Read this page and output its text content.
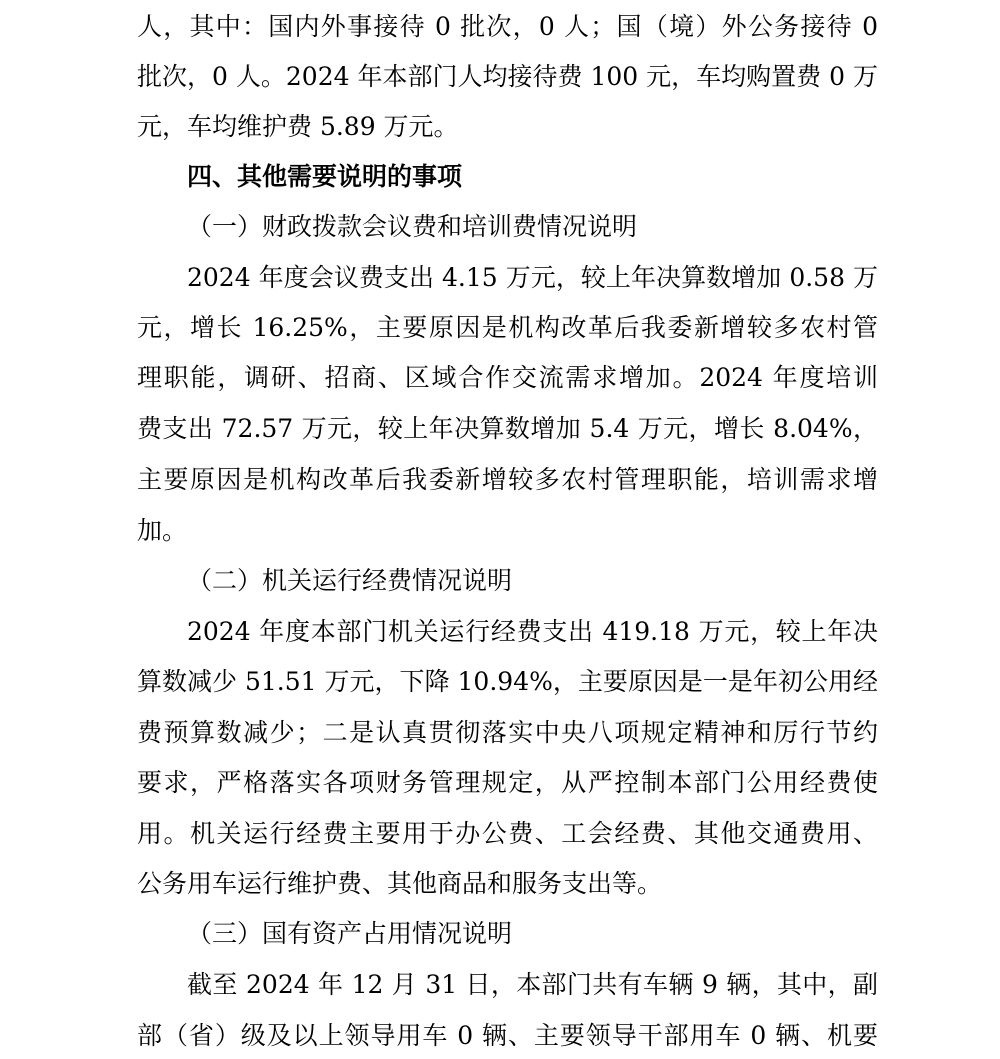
人，其中：国内外事接待 0 批次，0 人；国（境）外公务接待 0
批次，0 人。2024 年本部门人均接待费 100 元，车均购置费 0 万
元，车均维护费 5.89 万元。
四、其他需要说明的事项
（一）财政拨款会议费和培训费情况说明
2024 年度会议费支出 4.15 万元，较上年决算数增加 0.58 万
元，增长 16.25%，主要原因是机构改革后我委新增较多农村管
理职能，调研、招商、区域合作交流需求增加。2024 年度培训
费支出 72.57 万元，较上年决算数增加 5.4 万元，增长 8.04%，
主要原因是机构改革后我委新增较多农村管理职能，培训需求增
加。
（二）机关运行经费情况说明
2024 年度本部门机关运行经费支出 419.18 万元，较上年决
算数减少 51.51 万元，下降 10.94%，主要原因是一是年初公用经
费预算数减少；二是认真贯彻落实中央八项规定精神和厉行节约
要求，严格落实各项财务管理规定，从严控制本部门公用经费使
用。机关运行经费主要用于办公费、工会经费、其他交通费用、
公务用车运行维护费、其他商品和服务支出等。
（三）国有资产占用情况说明
截至 2024 年 12 月 31 日，本部门共有车辆 9 辆，其中，副
部（省）级及以上领导用车 0 辆、主要领导干部用车 0 辆、机要
